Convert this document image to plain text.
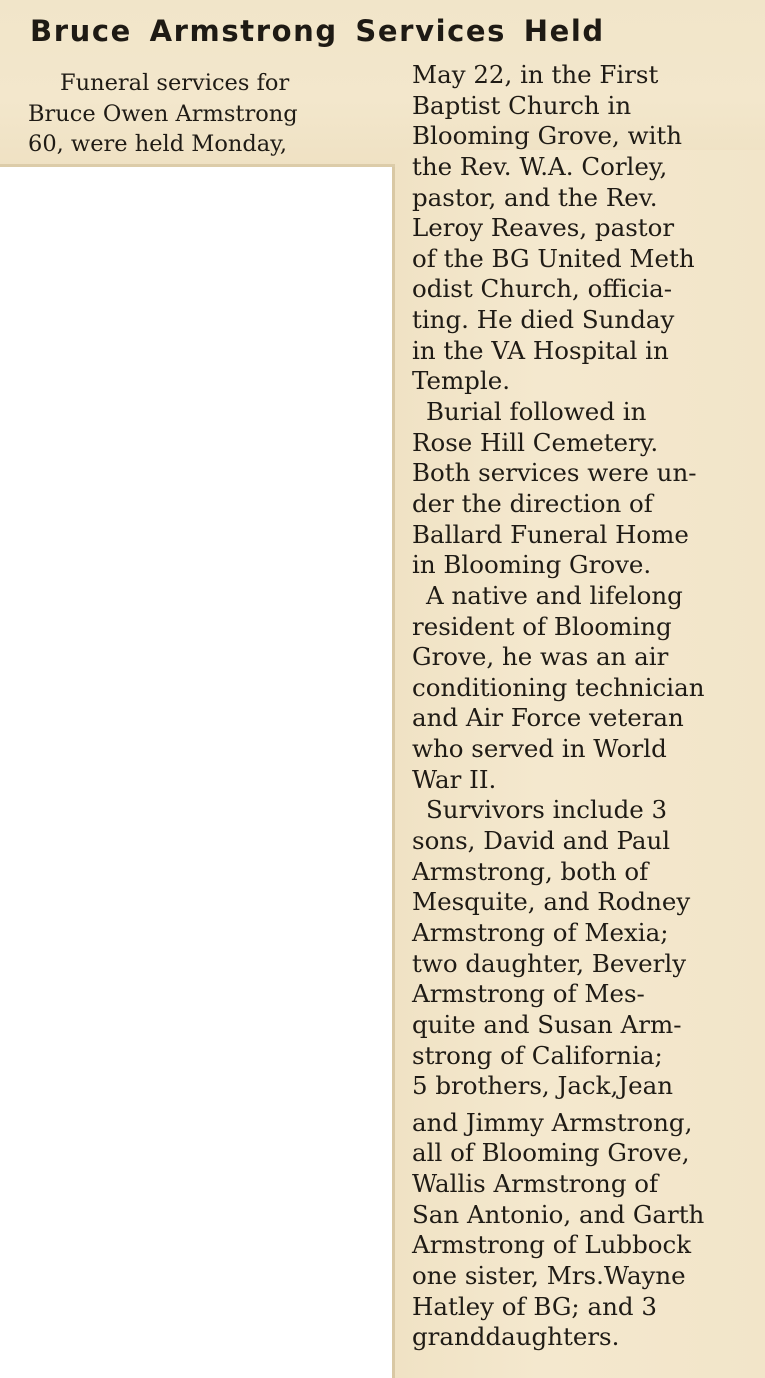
Bruce Armstrong Services Held
Funeral services for
Bruce Owen Armstrong
60, were held Monday,
May 22, in the First
Baptist Church in
Blooming Grove, with
the Rev. W.A. Corley,
pastor, and the Rev.
Leroy Reaves, pastor
of the BG United Meth
odist Church, officia-
ting. He died Sunday
in the VA Hospital in
Temple.
Burial followed in
Rose Hill Cemetery.
Both services were un-
der the direction of
Ballard Funeral Home
in Blooming Grove.
A native and lifelong
resident of Blooming
Grove, he was an air
conditioning technician
and Air Force veteran
who served in World
War II.
Survivors include 3
sons, David and Paul
Armstrong, both of
Mesquite, and Rodney
Armstrong of Mexia;
two daughter, Beverly
Armstrong of Mes-
quite and Susan Arm-
strong of California;
5 brothers, Jack,Jean
and Jimmy Armstrong,
all of Blooming Grove,
Wallis Armstrong of
San Antonio, and Garth
Armstrong of Lubbock
one sister, Mrs.Wayne
Hatley of BG; and 3
granddaughters.
